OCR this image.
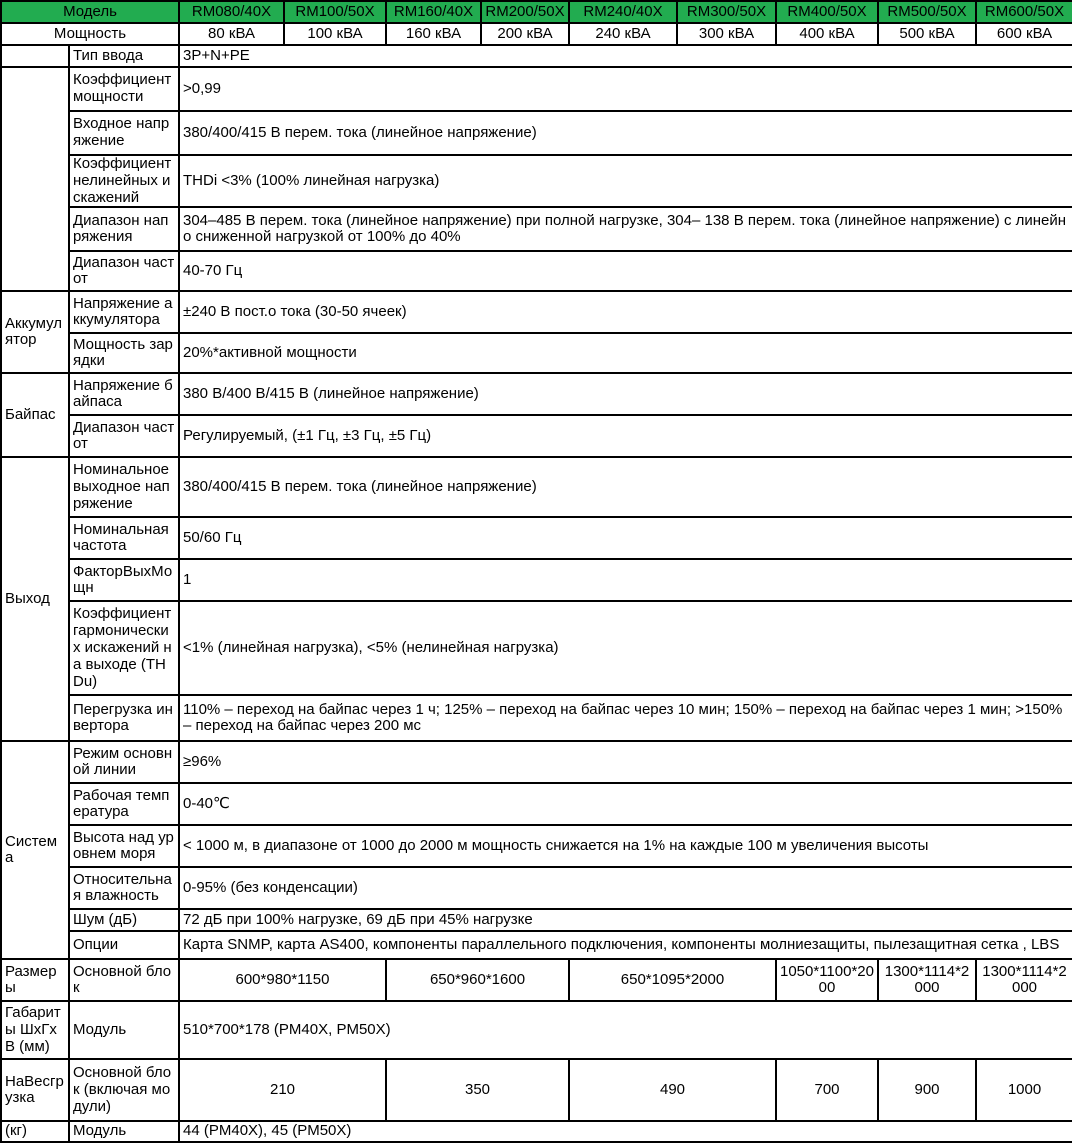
Модель		RM080/40X	RM100/50X	RM160/40X	RM200/50X	RM240/40X	RM300/50X	RM400/50X	RM500/50X	RM600/50X
Мощность		80 кВА	100 кВА	160 кВА	200 кВА	240 кВА	300 кВА	400 кВА	500 кВА	600 кВА
	Тип ввода	3P+N+PE								
	Коэффициент мощности	>0,99								
	Входное напряжение	380/400/415 В перем. тока (линейное напряжение)								
	Коэффициент нелинейных искажений	THDi <3% (100% линейная нагрузка)								
	Диапазон напряжения	304–485 В перем. тока (линейное напряжение) при полной нагрузке, 304– 138 В перем. тока (линейное напряжение) с линейно сниженной нагрузкой от 100% до 40%								
	Диапазон частот	40-70 Гц								
Аккумулятор	Напряжение аккумулятора	±240 В пост.о тока (30-50 ячеек)								
	Мощность зарядки	20%*активной мощности								
Байпас	Напряжение байпаса	380 В/400 В/415 В (линейное напряжение)								
	Диапазон частот	Регулируемый, (±1 Гц, ±3 Гц, ±5 Гц)								
Выход	Номинальное выходное напряжение	380/400/415 В перем. тока (линейное напряжение)								
	Номинальная частота	50/60 Гц								
	ФакторВыхМощн	1								
	Коэффициент гармонических искажений на выходе (THDu)	<1% (линейная нагрузка), <5% (нелинейная нагрузка)								
	Перегрузка инвертора	110% – переход на байпас через 1 ч; 125% – переход на байпас через 10 мин; 150% – переход на байпас через 1 мин; >150% – переход на байпас через 200 мс								
Система	Режим основной линии	≥96%								
	Рабочая температура	0-40℃								
	Высота над уровнем моря	< 1000 м, в диапазоне от 1000 до 2000 м мощность снижается на 1% на каждые 100 м увеличения высоты								
	Относительная влажность	0-95% (без конденсации)								
	Шум (дБ)	72 дБ при 100% нагрузке, 69 дБ при 45% нагрузке								
	Опции	Карта SNMP, карта AS400, компоненты параллельного подключения, компоненты молниезащиты, пылезащитная сетка , LBS								
Размеры	Основной блок	600*980*1150		650*960*1600		650*1095*2000		1050*1100*2000	1300*1114*2000	1300*1114*2000
Габариты ШхГхВ (мм)	Модуль	510*700*178 (PM40X, PM50X)								
НаВесгрузка	Основной блок (включая модули)	210		350		490		700	900	1000
(кг)	Модуль	44 (PM40X), 45 (PM50X)								
